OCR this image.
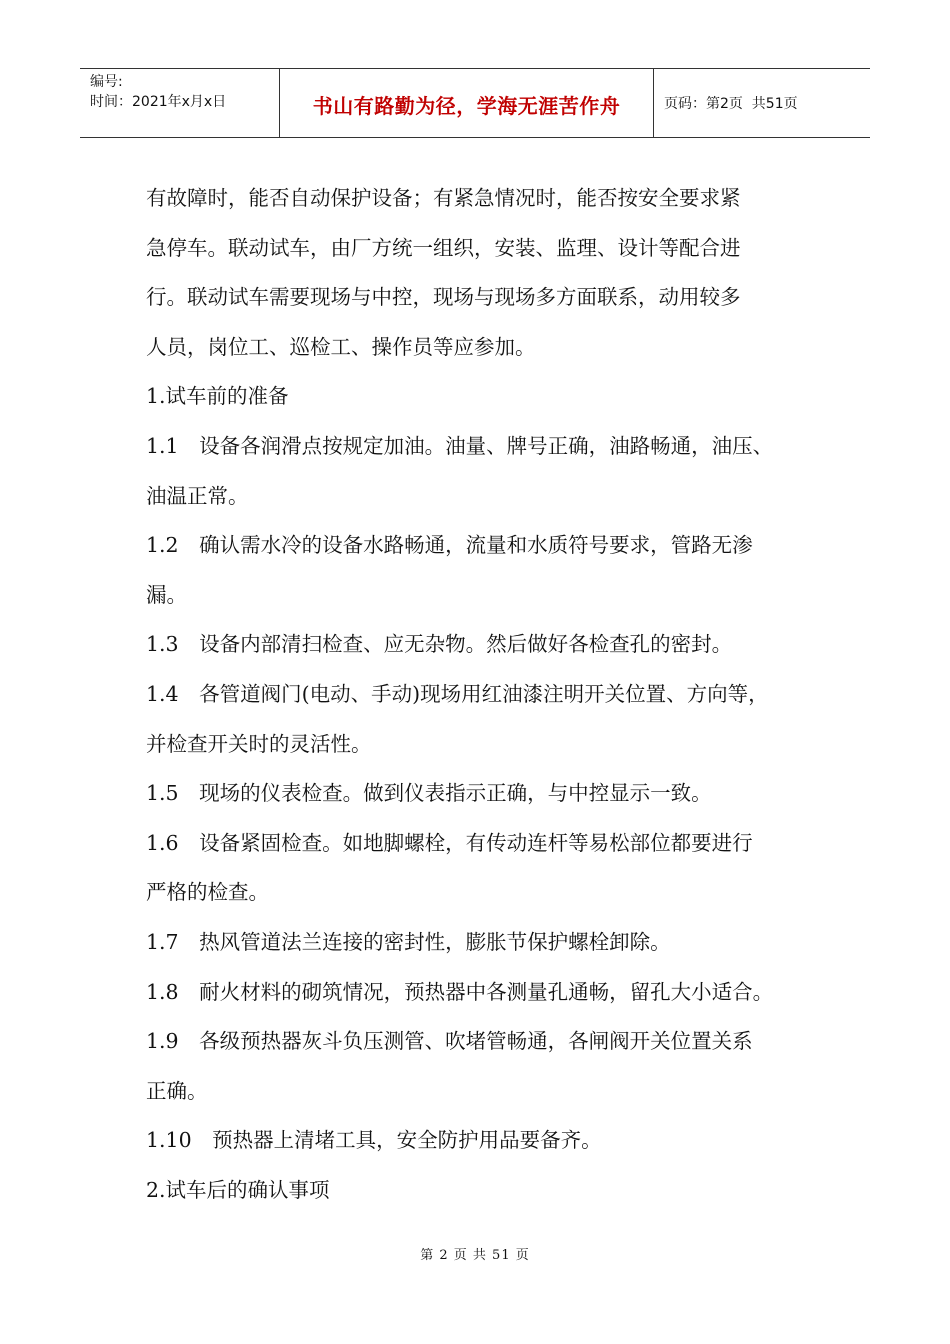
编号:
时间：2021年x月x日	书山有路勤为径，学海无涯苦作舟	页码：第2页  共51页
有故障时，能否自动保护设备；有紧急情况时，能否按安全要求紧
急停车。联动试车，由厂方统一组织，安装、监理、设计等配合进
行。联动试车需要现场与中控，现场与现场多方面联系，动用较多
人员，岗位工、巡检工、操作员等应参加。
1.试车前的准备
1.1　设备各润滑点按规定加油。油量、牌号正确，油路畅通，油压、
油温正常。
1.2　确认需水冷的设备水路畅通，流量和水质符号要求，管路无渗
漏。
1.3　设备内部清扫检查、应无杂物。然后做好各检查孔的密封。
1.4　各管道阀门(电动、手动)现场用红油漆注明开关位置、方向等，
并检查开关时的灵活性。
1.5　现场的仪表检查。做到仪表指示正确，与中控显示一致。
1.6　设备紧固检查。如地脚螺栓，有传动连杆等易松部位都要进行
严格的检查。
1.7　热风管道法兰连接的密封性，膨胀节保护螺栓卸除。
1.8　耐火材料的砌筑情况，预热器中各测量孔通畅，留孔大小适合。
1.9　各级预热器灰斗负压测管、吹堵管畅通，各闸阀开关位置关系
正确。
1.10　预热器上清堵工具，安全防护用品要备齐。
2.试车后的确认事项
第 2 页 共 51 页
